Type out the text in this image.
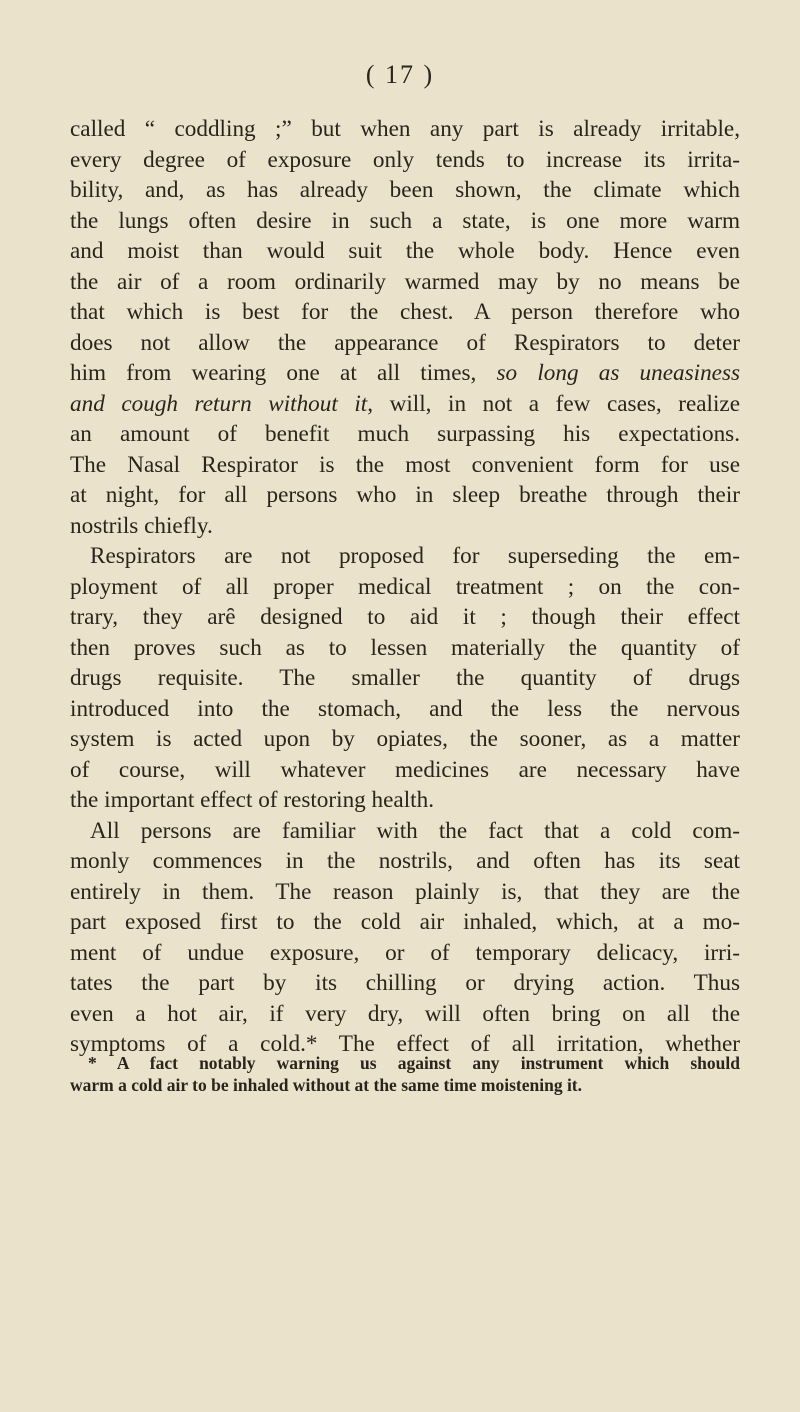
( 17 )
called “ coddling ;” but when any part is already irritable,
every degree of exposure only tends to increase its irrita-
bility, and, as has already been shown, the climate which
the lungs often desire in such a state, is one more warm
and moist than would suit the whole body. Hence even
the air of a room ordinarily warmed may by no means be
that which is best for the chest. A person therefore who
does not allow the appearance of Respirators to deter
him from wearing one at all times, so long as uneasiness
and cough return without it, will, in not a few cases, realize
an amount of benefit much surpassing his expectations.
The Nasal Respirator is the most convenient form for use
at night, for all persons who in sleep breathe through their
nostrils chiefly.
Respirators are not proposed for superseding the em-
ployment of all proper medical treatment ; on the con-
trary, they arȇ designed to aid it ; though their effect
then proves such as to lessen materially the quantity of
drugs requisite. The smaller the quantity of drugs
introduced into the stomach, and the less the nervous
system is acted upon by opiates, the sooner, as a matter
of course, will whatever medicines are necessary have
the important effect of restoring health.
All persons are familiar with the fact that a cold com-
monly commences in the nostrils, and often has its seat
entirely in them. The reason plainly is, that they are the
part exposed first to the cold air inhaled, which, at a mo-
ment of undue exposure, or of temporary delicacy, irri-
tates the part by its chilling or drying action. Thus
even a hot air, if very dry, will often bring on all the
symptoms of a cold.* The effect of all irritation, whether
* A fact notably warning us against any instrument which should
warm a cold air to be inhaled without at the same time moistening it.
